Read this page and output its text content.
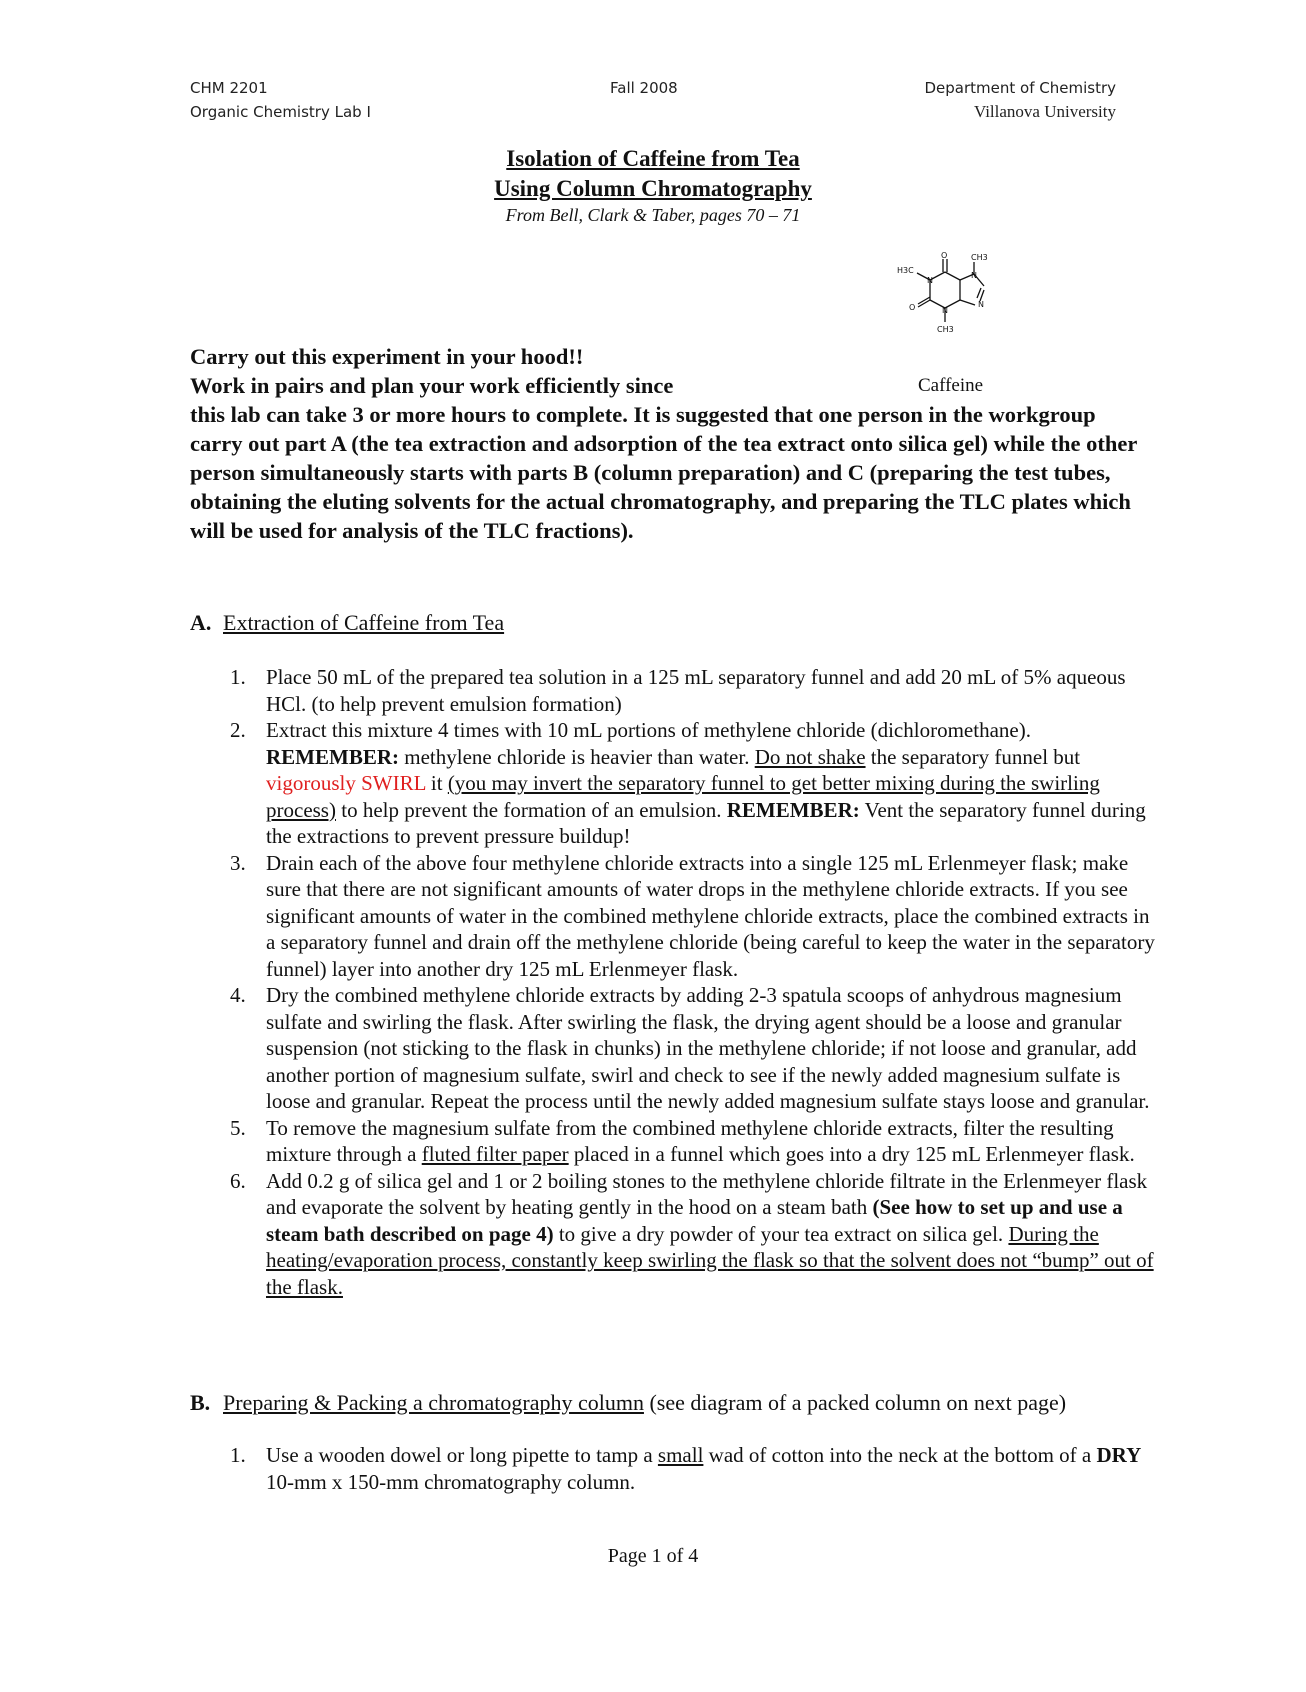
CHM 2201
Organic Chemistry Lab I
Fall 2008	Department of Chemistry
Villanova University
Isolation of Caffeine from Tea
Using Column Chromatography
From Bell, Clark & Taber, pages 70 – 71
O	CH3
H3C
N
N
O	N
N
CH3
Caffeine

Carry out this experiment in your hood!!

Work in pairs and plan your work efficiently since

this lab can take 3 or more hours to complete. It is suggested that one person in the workgroup carry out part A (the tea extraction and adsorption of the tea extract onto silica gel) while the other person simultaneously starts with parts B (column preparation) and C (preparing the test tubes, obtaining the eluting solvents for the actual chromatography, and preparing the TLC plates which will be used for analysis of the TLC fractions).

A. Extraction of Caffeine from Tea
1. Place 50 mL of the prepared tea solution in a 125 mL separatory funnel and add 20 mL of 5% aqueous HCl. (to help prevent emulsion formation)
2. Extract this mixture 4 times with 10 mL portions of methylene chloride (dichloromethane). REMEMBER: methylene chloride is heavier than water. Do not shake the separatory funnel but vigorously SWIRL it (you may invert the separatory funnel to get better mixing during the swirling process) to help prevent the formation of an emulsion. REMEMBER: Vent the separatory funnel during the extractions to prevent pressure buildup!
3. Drain each of the above four methylene chloride extracts into a single 125 mL Erlenmeyer flask; make sure that there are not significant amounts of water drops in the methylene chloride extracts. If you see significant amounts of water in the combined methylene chloride extracts, place the combined extracts in a separatory funnel and drain off the methylene chloride (being careful to keep the water in the separatory funnel) layer into another dry 125 mL Erlenmeyer flask.
4. Dry the combined methylene chloride extracts by adding 2-3 spatula scoops of anhydrous magnesium sulfate and swirling the flask. After swirling the flask, the drying agent should be a loose and granular suspension (not sticking to the flask in chunks) in the methylene chloride; if not loose and granular, add another portion of magnesium sulfate, swirl and check to see if the newly added magnesium sulfate is loose and granular. Repeat the process until the newly added magnesium sulfate stays loose and granular.
5. To remove the magnesium sulfate from the combined methylene chloride extracts, filter the resulting mixture through a fluted filter paper placed in a funnel which goes into a dry 125 mL Erlenmeyer flask.
6. Add 0.2 g of silica gel and 1 or 2 boiling stones to the methylene chloride filtrate in the Erlenmeyer flask and evaporate the solvent by heating gently in the hood on a steam bath (See how to set up and use a steam bath described on page 4) to give a dry powder of your tea extract on silica gel. During the heating/evaporation process, constantly keep swirling the flask so that the solvent does not “bump” out of the flask.
B. Preparing & Packing a chromatography column (see diagram of a packed column on next page)
1. Use a wooden dowel or long pipette to tamp a small wad of cotton into the neck at the bottom of a DRY 10-mm x 150-mm chromatography column.
Page 1 of 4
